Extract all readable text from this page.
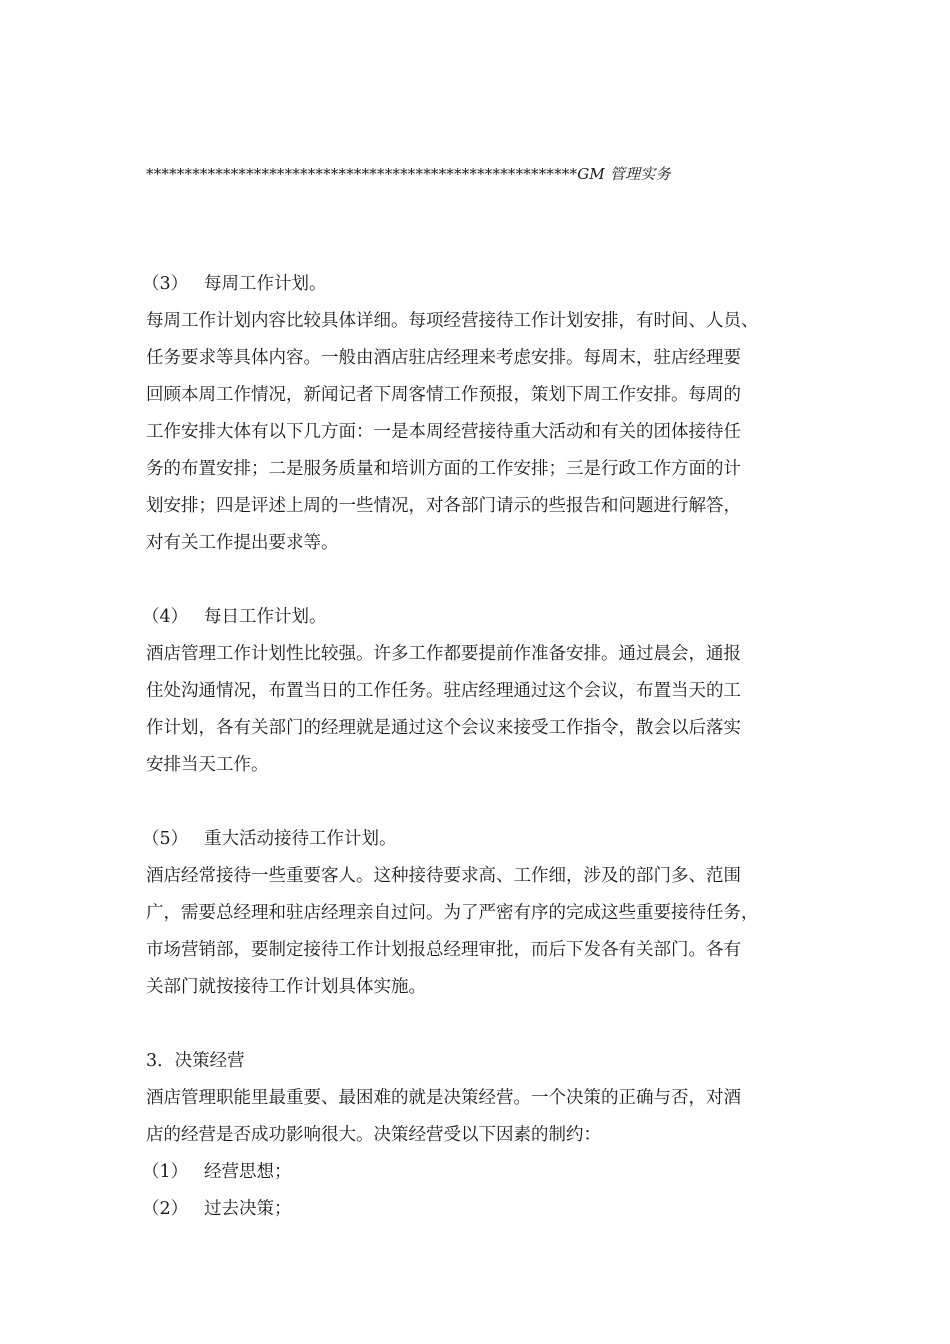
********************************************************GM 管理实务
（3） 每周工作计划。
每周工作计划内容比较具体详细。每项经营接待工作计划安排，有时间、人员、
任务要求等具体内容。一般由酒店驻店经理来考虑安排。每周末，驻店经理要
回顾本周工作情况，新闻记者下周客情工作预报，策划下周工作安排。每周的
工作安排大体有以下几方面：一是本周经营接待重大活动和有关的团体接待任
务的布置安排；二是服务质量和培训方面的工作安排；三是行政工作方面的计
划安排；四是评述上周的一些情况，对各部门请示的些报告和问题进行解答，
对有关工作提出要求等。
（4） 每日工作计划。
酒店管理工作计划性比较强。许多工作都要提前作准备安排。通过晨会，通报
住处沟通情况，布置当日的工作任务。驻店经理通过这个会议，布置当天的工
作计划，各有关部门的经理就是通过这个会议来接受工作指令，散会以后落实
安排当天工作。
（5） 重大活动接待工作计划。
酒店经常接待一些重要客人。这种接待要求高、工作细，涉及的部门多、范围
广，需要总经理和驻店经理亲自过问。为了严密有序的完成这些重要接待任务，
市场营销部，要制定接待工作计划报总经理审批，而后下发各有关部门。各有
关部门就按接待工作计划具体实施。
3．决策经营
酒店管理职能里最重要、最困难的就是决策经营。一个决策的正确与否，对酒
店的经营是否成功影响很大。决策经营受以下因素的制约：
（1） 经营思想；
（2） 过去决策；
